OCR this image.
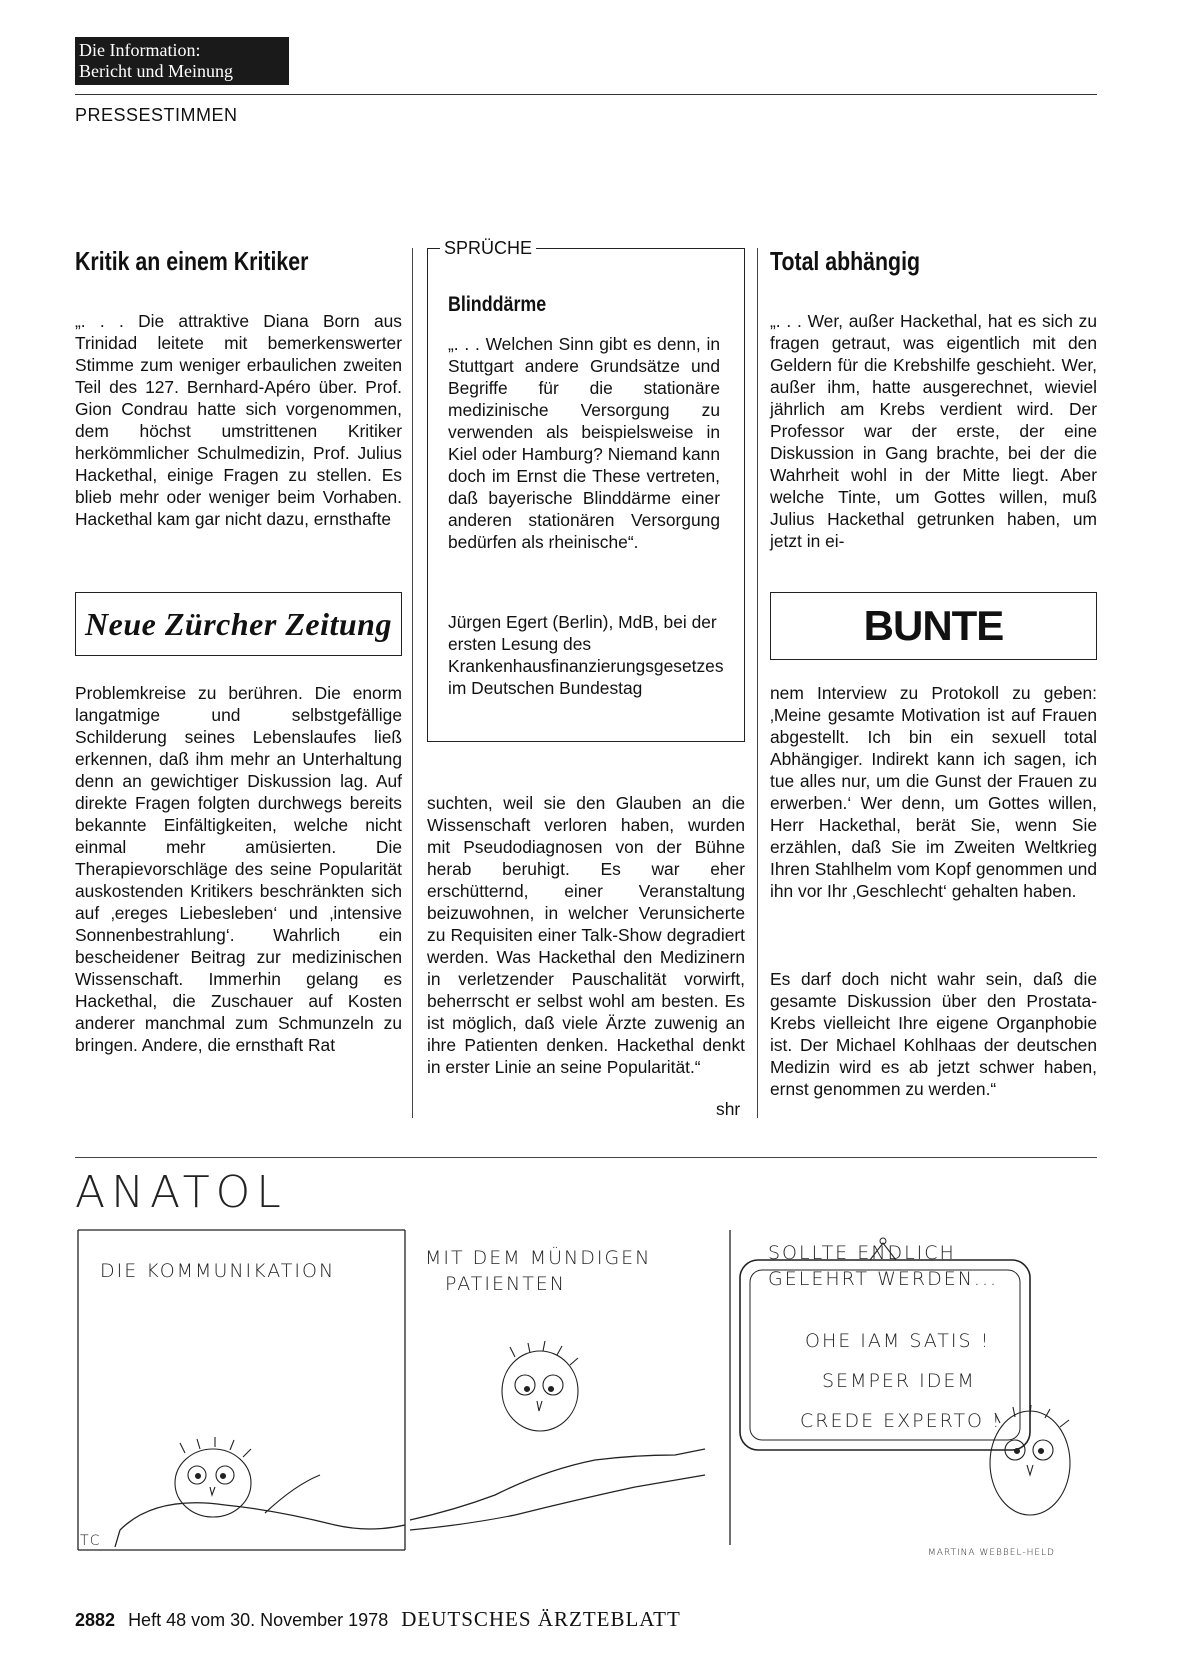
Die Information:
Bericht und Meinung
PRESSESTIMMEN
Kritik an einem Kritiker

„. . . Die attraktive Diana Born aus Trinidad leitete mit bemerkenswerter Stimme zum weniger erbaulichen zweiten Teil des 127. Bernhard-Apéro über. Prof. Gion Condrau hatte sich vorgenommen, dem höchst umstrittenen Kritiker herkömmlicher Schulmedizin, Prof. Julius Hackethal, einige Fragen zu stellen. Es blieb mehr oder weniger beim Vorhaben. Hackethal kam gar nicht dazu, ernsthafte

Neue Zürcher Zeitung

Problemkreise zu berühren. Die enorm langatmige und selbstgefällige Schilderung seines Lebenslaufes ließ erkennen, daß ihm mehr an Unterhaltung denn an gewichtiger Diskussion lag. Auf direkte Fragen folgten durchwegs bereits bekannte Einfältigkeiten, welche nicht einmal mehr amüsierten. Die Therapievorschläge des seine Popularität auskostenden Kritikers beschränkten sich auf ‚ereges Liebesleben‘ und ‚intensive Sonnenbestrahlung‘. Wahrlich ein bescheidener Beitrag zur medizinischen Wissenschaft. Immerhin gelang es Hackethal, die Zuschauer auf Kosten anderer manchmal zum Schmunzeln zu bringen. Andere, die ernsthaft Rat

SPRÜCHE
Blinddärme

„. . . Welchen Sinn gibt es denn, in Stuttgart andere Grundsätze und Begriffe für die stationäre medizinische Versorgung zu verwenden als beispielsweise in Kiel oder Hamburg? Niemand kann doch im Ernst die These vertreten, daß bayerische Blinddärme einer anderen stationären Versorgung bedürfen als rheinische“.

Jürgen Egert (Berlin), MdB, bei der ersten Lesung des Krankenhausfinanzierungsgesetzes im Deutschen Bundestag

suchten, weil sie den Glauben an die Wissenschaft verloren haben, wurden mit Pseudodiagnosen von der Bühne herab beruhigt. Es war eher erschütternd, einer Veranstaltung beizuwohnen, in welcher Verunsicherte zu Requisiten einer Talk-Show degradiert werden. Was Hackethal den Medizinern in verletzender Pauschalität vorwirft, beherrscht er selbst wohl am besten. Es ist möglich, daß viele Ärzte zuwenig an ihre Patienten denken. Hackethal denkt in erster Linie an seine Popularität.“

shr
Total abhängig

„. . . Wer, außer Hackethal, hat es sich zu fragen getraut, was eigentlich mit den Geldern für die Krebshilfe geschieht. Wer, außer ihm, hatte ausgerechnet, wieviel jährlich am Krebs verdient wird. Der Professor war der erste, der eine Diskussion in Gang brachte, bei der die Wahrheit wohl in der Mitte liegt. Aber welche Tinte, um Gottes willen, muß Julius Hackethal getrunken haben, um jetzt in ei-

BUNTE

nem Interview zu Protokoll zu geben: ‚Meine gesamte Motivation ist auf Frauen abgestellt. Ich bin ein sexuell total Abhängiger. Indirekt kann ich sagen, ich tue alles nur, um die Gunst der Frauen zu erwerben.‘ Wer denn, um Gottes willen, Herr Hackethal, berät Sie, wenn Sie erzählen, daß Sie im Zweiten Weltkrieg Ihren Stahlhelm vom Kopf genommen und ihn vor Ihr ‚Geschlecht‘ gehalten haben.

Es darf doch nicht wahr sein, daß die gesamte Diskussion über den Prostata-Krebs vielleicht Ihre eigene Organphobie ist. Der Michael Kohlhaas der deutschen Medizin wird es ab jetzt schwer haben, ernst genommen zu werden.“

ANATOL
DIE KOMMUNIKATION
MIT DEM MÜNDIGEN
PATIENTEN
SOLLTE ENDLICH
GELEHRT WERDEN...
OHE IAM SATIS !
SEMPER IDEM
CREDE EXPERTO !
TC
MARTINA WEBBEL-HELD
2882 Heft 48 vom 30. November 1978 DEUTSCHES ÄRZTEBLATT
